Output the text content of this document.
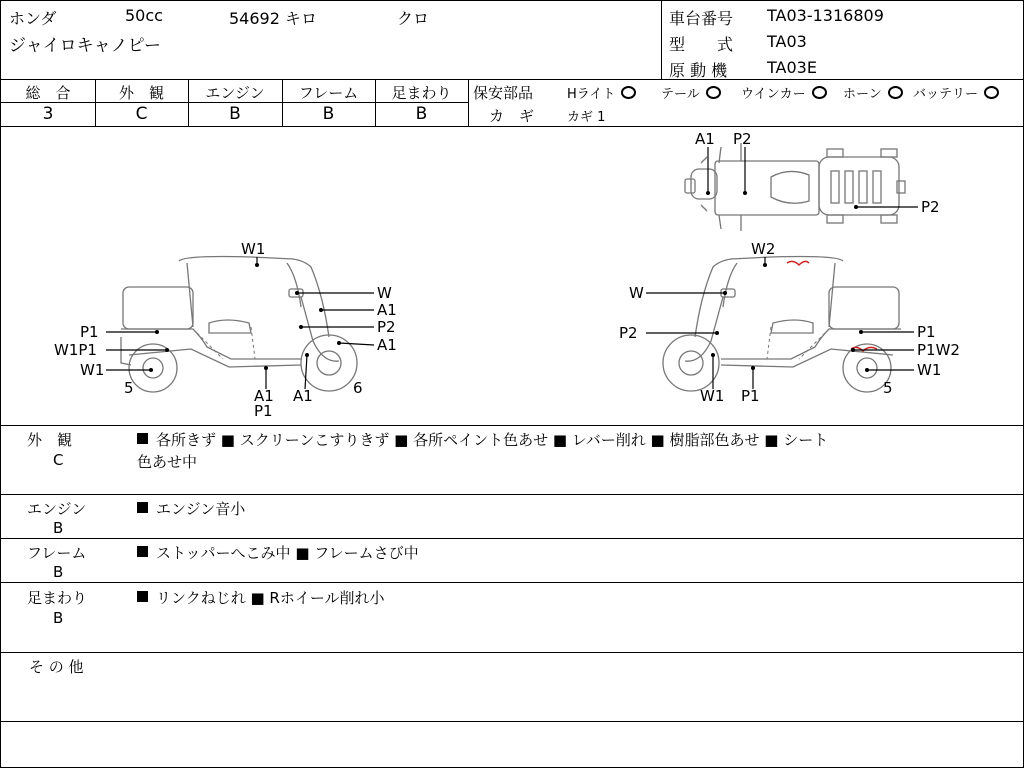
ホンダ	50cc	54692 キロ	クロ
ジャイロキャノピー
車台番号 TA03-1316809
型　　式 TA03
原 動 機 TA03E
総　合	外　観	エンジン	フレーム	足まわり
3	C	B	B	B
保安部品	Hライト	テール	ウインカー	ホーン	バッテリー
カ　ギ	カギ 1
A1 P2
P2
W1
W
A1
P2
A1
P1
W1P1
W1
5	A1
P1
A1	6
W2
W
P2	P1
P1W2
W1
5
W1 P1
外　観
C
各所きず ■ スクリーンこすりきず ■ 各所ペイント色あせ ■ レバー削れ ■ 樹脂部色あせ ■ シート
色あせ中
エンジン
B
エンジン音小
フレーム
B
ストッパーへこみ中 ■ フレームさび中
足まわり
B
リンクねじれ ■ Rホイール削れ小
そ の 他
